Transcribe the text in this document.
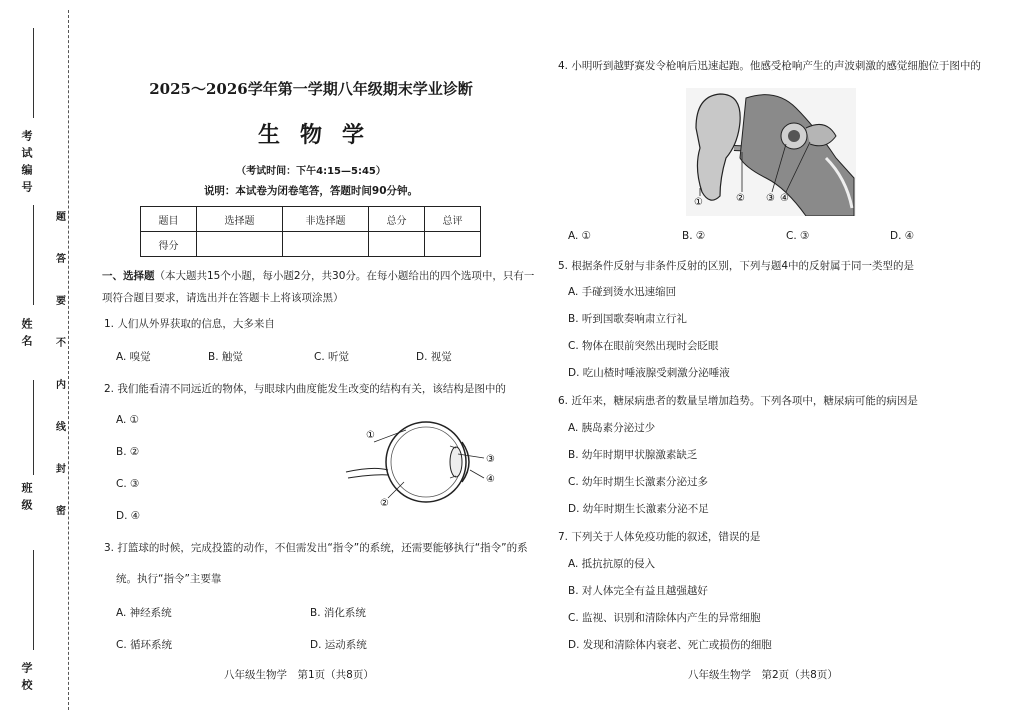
考试编号
姓名
班级
学校
题
答
要
不
内
线
封
密
2025～2026学年第一学期八年级期末学业诊断
生物学
（考试时间：下午4:15—5:45）
说明：本试卷为闭卷笔答，答题时间90分钟。
题目	选择题	非选择题	总分	总评
得分				
一、选择题（本大题共15个小题，每小题2分，共30分。在每小题给出的四个选项中，只有一
项符合题目要求，请选出并在答题卡上将该项涂黑）
1. 人们从外界获取的信息，大多来自
A. 嗅觉	B. 触觉	C. 听觉	D. 视觉
2. 我们能看清不同远近的物体，与眼球内曲度能发生改变的结构有关，该结构是图中的
A. ①
B. ②
C. ③
D. ④
①
②
③
④
3. 打篮球的时候，完成投篮的动作，不但需发出“指令”的系统，还需要能够执行“指令”的系
统。执行“指令”主要靠
A. 神经系统	B. 消化系统
C. 循环系统	D. 运动系统
八年级生物学　第1页（共8页）
4. 小明听到越野赛发令枪响后迅速起跑。他感受枪响产生的声波刺激的感觉细胞位于图中的
①	② ③ ④
A. ①	B. ②	C. ③	D. ④
5. 根据条件反射与非条件反射的区别，下列与题4中的反射属于同一类型的是
A. 手碰到烫水迅速缩回
B. 听到国歌奏响肃立行礼
C. 物体在眼前突然出现时会眨眼
D. 吃山楂时唾液腺受刺激分泌唾液
6. 近年来，糖尿病患者的数量呈增加趋势。下列各项中，糖尿病可能的病因是
A. 胰岛素分泌过少
B. 幼年时期甲状腺激素缺乏
C. 幼年时期生长激素分泌过多
D. 幼年时期生长激素分泌不足
7. 下列关于人体免疫功能的叙述，错误的是
A. 抵抗抗原的侵入
B. 对人体完全有益且越强越好
C. 监视、识别和清除体内产生的异常细胞
D. 发现和清除体内衰老、死亡或损伤的细胞
八年级生物学　第2页（共8页）
